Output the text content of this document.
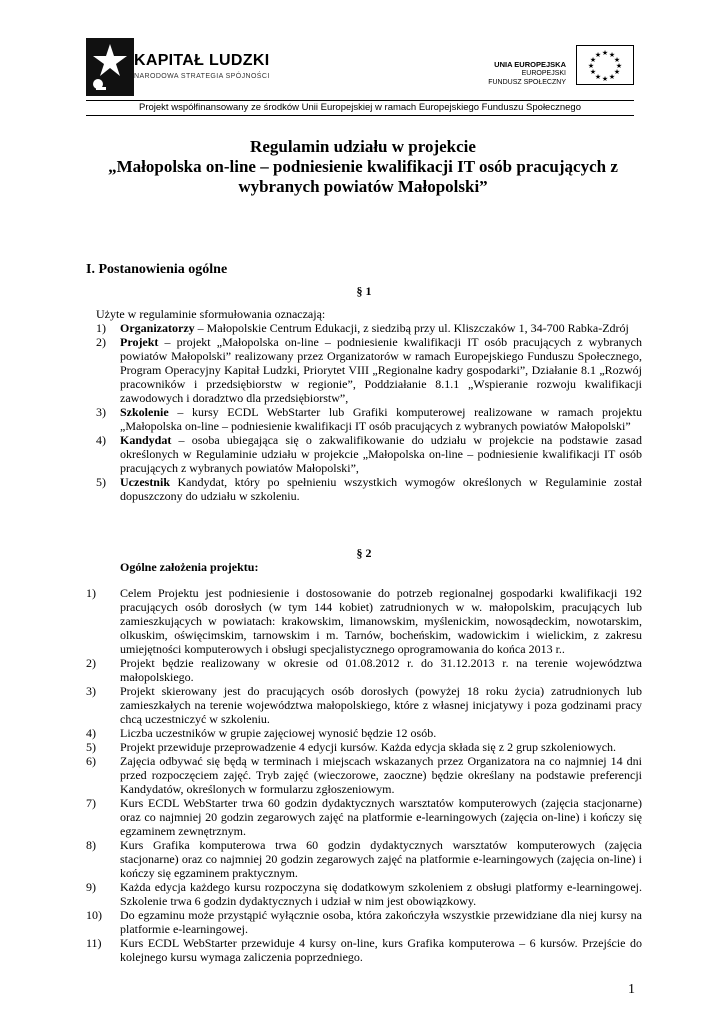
KAPITAŁ LUDZKI
NARODOWA STRATEGIA SPÓJNOŚCI
UNIA EUROPEJSKA
EUROPEJSKI
FUNDUSZ SPOŁECZNY
★ ★
★
★
★
★
★
★
★
★
★
★
Projekt współfinansowany ze środków Unii Europejskiej w ramach Europejskiego Funduszu Społecznego
Regulamin udziału w projekcie
„Małopolska on-line – podniesienie kwalifikacji IT osób pracujących z
wybranych powiatów Małopolski”
I. Postanowienia ogólne
§ 1
Użyte w regulaminie sformułowania oznaczają:
1) Organizatorzy – Małopolskie Centrum Edukacji, z siedzibą przy ul. Kliszczaków 1, 34-700 Rabka-Zdrój
2) Projekt – projekt „Małopolska on-line – podniesienie kwalifikacji IT osób pracujących z wybranych powiatów Małopolski” realizowany przez Organizatorów w ramach Europejskiego Funduszu Społecznego, Program Operacyjny Kapitał Ludzki, Priorytet VIII „Regionalne kadry gospodarki”, Działanie 8.1 „Rozwój pracowników i przedsiębiorstw w regionie”, Poddziałanie 8.1.1 „Wspieranie rozwoju kwalifikacji zawodowych i doradztwo dla przedsiębiorstw”,
3) Szkolenie – kursy ECDL WebStarter lub Grafiki komputerowej realizowane w ramach projektu „Małopolska on-line – podniesienie kwalifikacji IT osób pracujących z wybranych powiatów Małopolski”
4) Kandydat – osoba ubiegająca się o zakwalifikowanie do udziału w projekcie na podstawie zasad określonych w Regulaminie udziału w projekcie „Małopolska on-line – podniesienie kwalifikacji IT osób pracujących z wybranych powiatów Małopolski”,
5) Uczestnik Kandydat, który po spełnieniu wszystkich wymogów określonych w Regulaminie został dopuszczony do udziału w szkoleniu.
§ 2
Ogólne założenia projektu:
1) Celem Projektu jest podniesienie i dostosowanie do potrzeb regionalnej gospodarki kwalifikacji 192 pracujących osób dorosłych (w tym 144 kobiet) zatrudnionych w w. małopolskim, pracujących lub zamieszkujących w powiatach: krakowskim, limanowskim, myślenickim, nowosądeckim, nowotarskim, olkuskim, oświęcimskim, tarnowskim i m. Tarnów, bocheńskim, wadowickim i wielickim, z zakresu umiejętności komputerowych i obsługi specjalistycznego oprogramowania do końca 2013 r..
2) Projekt będzie realizowany w okresie od 01.08.2012 r. do 31.12.2013 r. na terenie województwa małopolskiego.
3) Projekt skierowany jest do pracujących osób dorosłych (powyżej 18 roku życia) zatrudnionych lub zamieszkałych na terenie województwa małopolskiego, które z własnej inicjatywy i poza godzinami pracy chcą uczestniczyć w szkoleniu.
4) Liczba uczestników w grupie zajęciowej wynosić będzie 12 osób.
5) Projekt przewiduje przeprowadzenie 4 edycji kursów. Każda edycja składa się z 2 grup szkoleniowych.
6) Zajęcia odbywać się będą w terminach i miejscach wskazanych przez Organizatora na co najmniej 14 dni przed rozpoczęciem zajęć. Tryb zajęć (wieczorowe, zaoczne) będzie określany na podstawie preferencji Kandydatów, określonych w formularzu zgłoszeniowym.
7) Kurs ECDL WebStarter trwa 60 godzin dydaktycznych warsztatów komputerowych (zajęcia stacjonarne) oraz co najmniej 20 godzin zegarowych zajęć na platformie e-learningowych (zajęcia on-line) i kończy się egzaminem zewnętrznym.
8) Kurs Grafika komputerowa trwa 60 godzin dydaktycznych warsztatów komputerowych (zajęcia stacjonarne) oraz co najmniej 20 godzin zegarowych zajęć na platformie e-learningowych (zajęcia on-line) i kończy się egzaminem praktycznym.
9) Każda edycja każdego kursu rozpoczyna się dodatkowym szkoleniem z obsługi platformy e-learningowej. Szkolenie trwa 6 godzin dydaktycznych i udział w nim jest obowiązkowy.
10) Do egzaminu może przystąpić wyłącznie osoba, która zakończyła wszystkie przewidziane dla niej kursy na platformie e-learningowej.
11) Kurs ECDL WebStarter przewiduje 4 kursy on-line, kurs Grafika komputerowa – 6 kursów. Przejście do kolejnego kursu wymaga zaliczenia poprzedniego.
1
